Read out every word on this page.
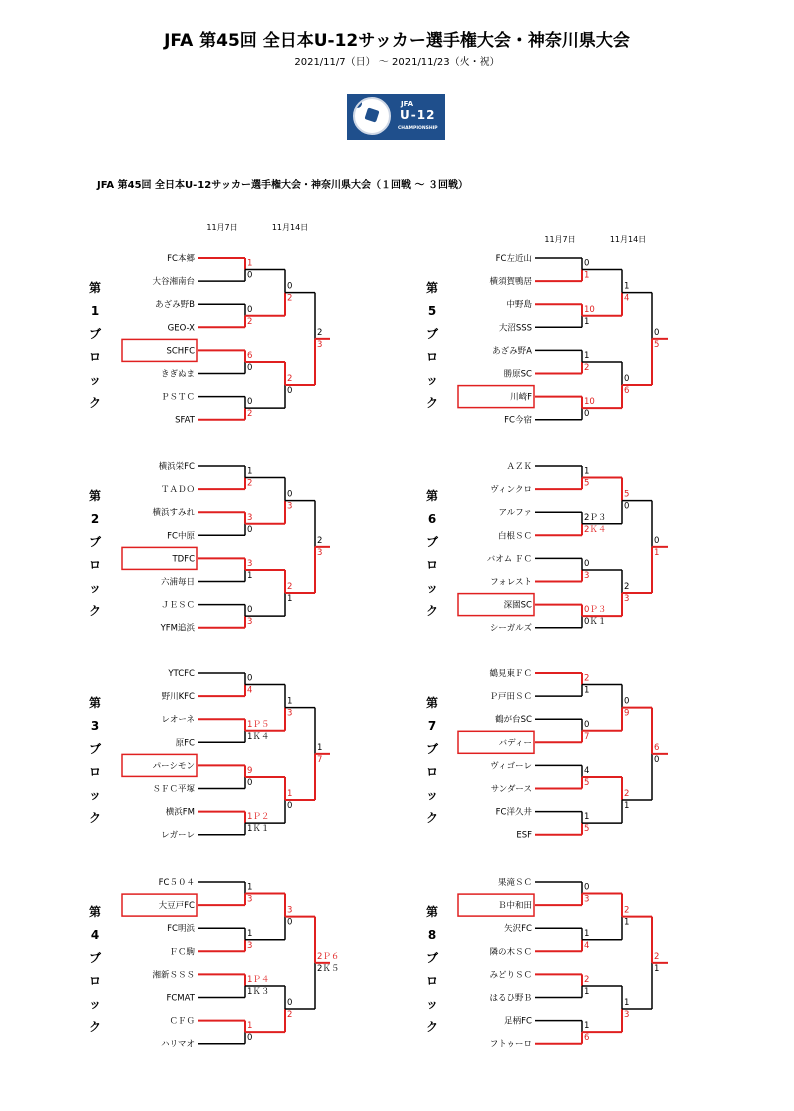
JFA 第45回 全日本U-12サッカー選手権大会・神奈川県大会
2021/11/7（日） ～ 2021/11/23（火・祝）
JFA
U-12
CHAMPIONSHIP
JFA 第45回 全日本U-12サッカー選手権大会・神奈川県大会（１回戦 ～ ３回戦）
11月7日	11月14日
11月7日	11月14日
第
1
ブ
ロ
ッ
ク
FC本郷
大谷湘南台
あざみ野B
GEO-X
SCHFC
きぎぬま
ＰＳＴＣ
SFAT
1
0
0
2
6
0
0
2
0
2
2
0
2
3
第
2
ブ
ロ
ッ
ク
横浜栄FC
ＴＡＤＯ
横浜すみれ
FC中原
TDFC
六浦毎日
ＪＥＳＣ
YFM追浜
1
2
3
0
3
1
0
3
0
3
2
1
2
3
第
3
ブ
ロ
ッ
ク
YTCFC
野川KFC
レオーネ
原FC
パーシモン
ＳＦＣ平塚
横浜FM
レガーレ
0
4
1Ｐ５
1Ｋ４
9
0
1Ｐ２
1Ｋ１
1
3
1
0
1
7
第
4
ブ
ロ
ッ
ク
FC５０４
大豆戸FC
FC明浜
ＦＣ駒
湘新ＳＳＳ
FCMAT
ＣＦＧ
ハリマオ
1
3
1
3
1Ｐ４
1Ｋ３
1
0
3
0
0
2
2Ｐ６
2Ｋ５
第
5
ブ
ロ
ッ
ク
FC左近山
横須賀鴨居
中野島
大沼SSS
あざみ野A
勝原SC
川崎F
FC今宿
0
1
10
1
1
2
10
0
1
4
0
6
0
5
第
6
ブ
ロ
ッ
ク
ＡＺＫ
ヴィンクロ
アルファ
白根ＳＣ
バオム ＦＣ
フォレスト
深園SC
シーガルズ
1
5
2Ｐ３
2Ｋ４
0
3
0Ｐ３
0Ｋ１
5
0
2
3
0
1
第
7
ブ
ロ
ッ
ク
鶴見東ＦＣ
Ｐ戸田ＳＣ
鶴が台SC
バディー
ヴィゴーレ
サンダース
FC洋久井
ESF
2
1
0
7
4
5
1
5
0
9
2
1
6
0
第
8
ブ
ロ
ッ
ク
果滝ＳＣ
Ｂ中和田
矢沢FC
隣の木ＳＣ
みどりＳＣ
はるひ野Ｂ
足柄FC
フトゥーロ
0
3
1
4
2
1
1
6
2
1
1
3
2
1
